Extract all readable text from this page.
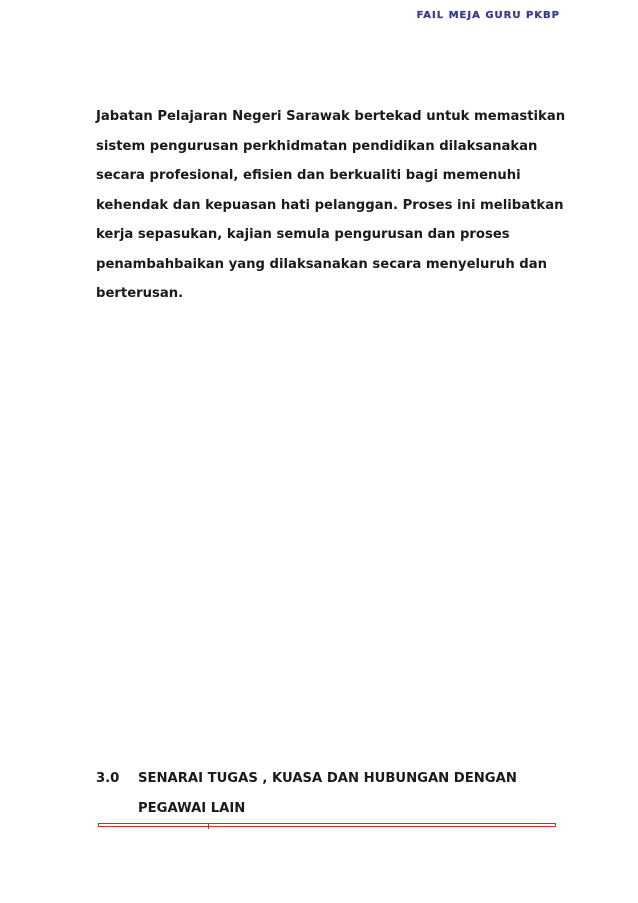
FAIL MEJA GURU PKBP

Jabatan Pelajaran Negeri Sarawak bertekad untuk memastikan
sistem pengurusan perkhidmatan pendidikan dilaksanakan
secara profesional, efisien dan berkualiti bagi memenuhi
kehendak dan kepuasan hati pelanggan. Proses ini melibatkan
kerja sepasukan, kajian semula pengurusan dan proses
penambahbaikan yang dilaksanakan secara menyeluruh dan
berterusan.

3.0 SENARAI TUGAS , KUASA DAN HUBUNGAN DENGAN
PEGAWAI LAIN
